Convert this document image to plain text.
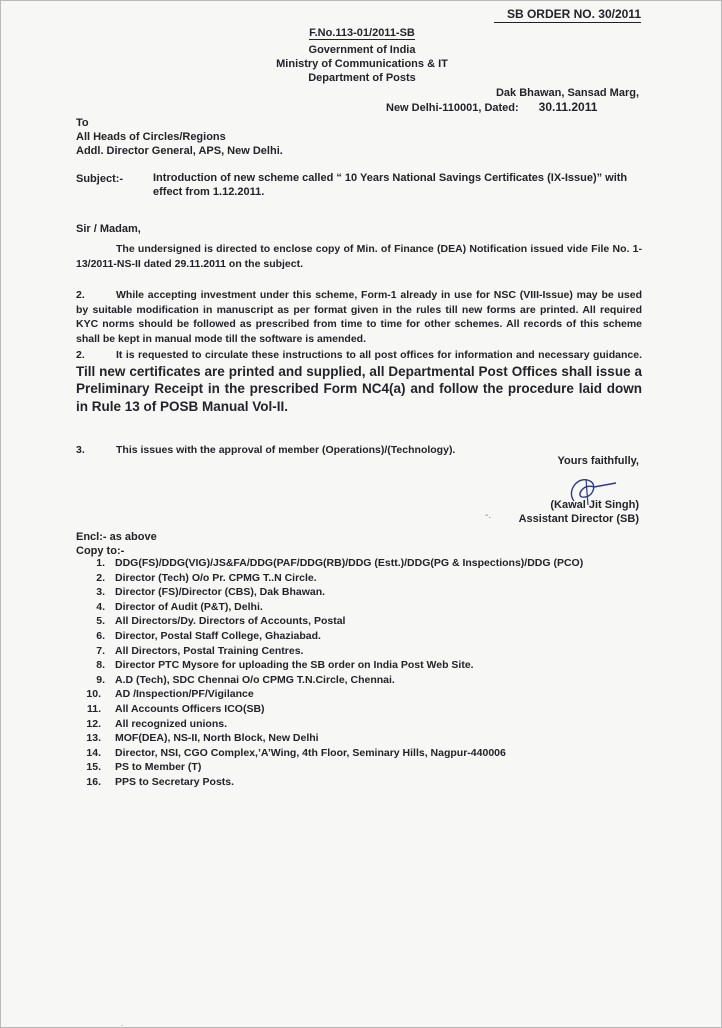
SB ORDER NO. 30/2011
F.No.113-01/2011-SB
Government of India
Ministry of Communications & IT
Department of Posts
Dak Bhawan, Sansad Marg,
New Delhi-110001, Dated: 30.11.2011
To
All Heads of Circles/Regions
Addl. Director General, APS, New Delhi.
Subject:-	Introduction of new scheme called “ 10 Years National Savings Certificates (IX-Issue)” with effect from 1.12.2011.
Sir / Madam,
The undersigned is directed to enclose copy of Min. of Finance (DEA) Notification issued vide File No. 1-13/2011-NS-II dated 29.11.2011 on the subject.
2.	While accepting investment under this scheme, Form-1 already in use for NSC (VIII-Issue) may be used by suitable modification in manuscript as per format given in the rules till new forms are printed. All required KYC norms should be followed as prescribed from time to time for other schemes. All records of this scheme shall be kept in manual mode till the software is amended.
2.	It is requested to circulate these instructions to all post offices for information and necessary guidance. Till new certificates are printed and supplied, all Departmental Post Offices shall issue a Preliminary Receipt in the prescribed Form NC4(a) and follow the procedure laid down in Rule 13 of POSB Manual Vol-II.
3.	This issues with the approval of member (Operations)/(Technology).
Yours faithfully,
-.
(Kawal Jit Singh)
Assistant Director (SB)
Encl:- as above
Copy to:-
1. DDG(FS)/DDG(VIG)/JS&FA/DDG(PAF/DDG(RB)/DDG (Estt.)/DDG(PG & Inspections)/DDG (PCO)
2. Director (Tech) O/o Pr. CPMG T..N Circle.
3. Director (FS)/Director (CBS), Dak Bhawan.
4. Director of Audit (P&T), Delhi.
5. All Directors/Dy. Directors of Accounts, Postal
6. Director, Postal Staff College, Ghaziabad.
7. All Directors, Postal Training Centres.
8. Director PTC Mysore for uploading the SB order on India Post Web Site.
9. A.D (Tech), SDC Chennai O/o CPMG T.N.Circle, Chennai.
10. AD /Inspection/PF/Vigilance
11. All Accounts Officers ICO(SB)
12. All recognized unions.
13. MOF(DEA), NS-II, North Block, New Delhi
14. Director, NSI, CGO Complex,’A’Wing, 4th Floor, Seminary Hills, Nagpur-440006
15. PS to Member (T)
16. PPS to Secretary Posts.
.
